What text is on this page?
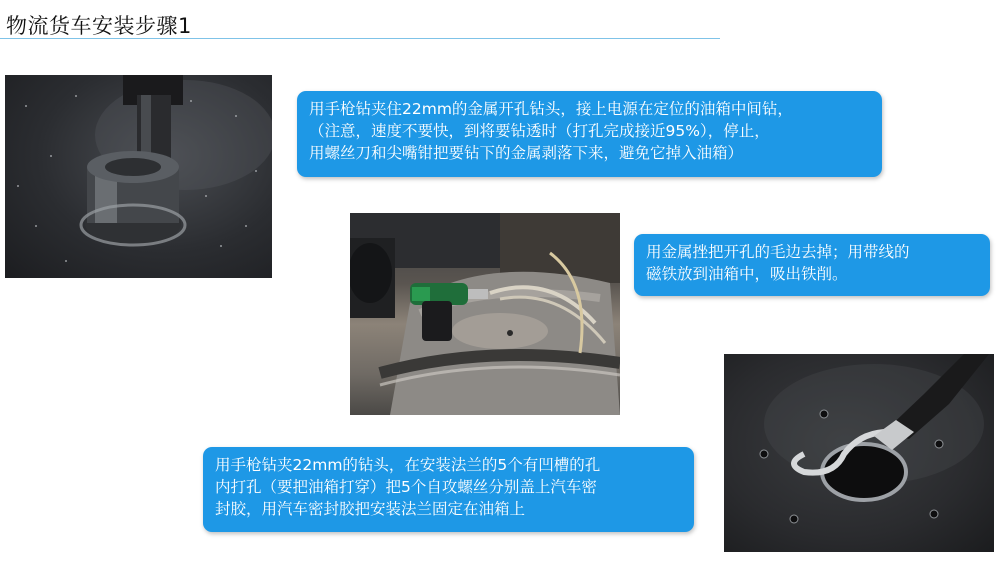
物流货车安装步骤1
用手枪钻夹住22mm的金属开孔钻头，接上电源在定位的油箱中间钻，
（注意，速度不要快，到将要钻透时（打孔完成接近95%），停止，
用螺丝刀和尖嘴钳把要钻下的金属剥落下来，避免它掉入油箱）
用金属挫把开孔的毛边去掉；用带线的
磁铁放到油箱中，吸出铁削。
用手枪钻夹22mm的钻头，在安装法兰的5个有凹槽的孔
内打孔（要把油箱打穿）把5个自攻螺丝分别盖上汽车密
封胶，用汽车密封胶把安装法兰固定在油箱上
